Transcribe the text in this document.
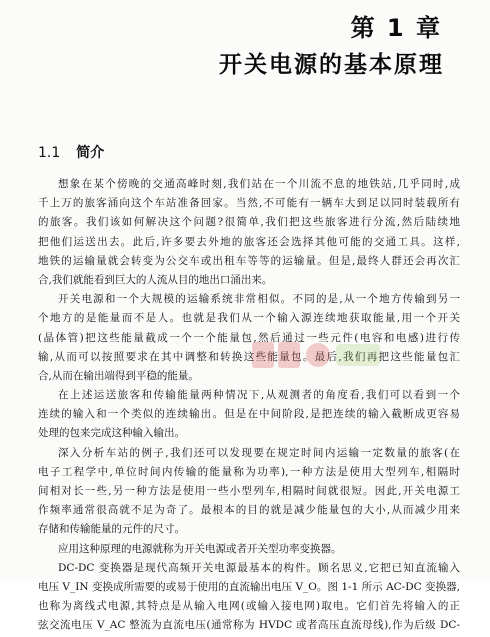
第 1 章
开关电源的基本原理
1.1 简介
想象在某个傍晚的交通高峰时刻,我们站在一个川流不息的地铁站,几乎同时,成
千上万的旅客涌向这个车站准备回家。当然,不可能有一辆车大到足以同时装载所有
的旅客。我们该如何解决这个问题?很简单,我们把这些旅客进行分流,然后陆续地
把他们运送出去。此后,许多要去外地的旅客还会选择其他可能的交通工具。这样,
地铁的运输量就会转变为公交车或出租车等等的运输量。但是,最终人群还会再次汇
合,我们就能看到巨大的人流从目的地出口涌出来。
开关电源和一个大规模的运输系统非常相似。不同的是,从一个地方传输到另一
个地方的是能量而不是人。也就是我们从一个输入源连续地获取能量,用一个开关
(晶体管)把这些能量截成一个一个能量包,然后通过一些元件(电容和电感)进行传
输,从而可以按照要求在其中调整和转换这些能量包。最后,我们再把这些能量包汇
合,从而在输出端得到平稳的能量。
在上述运送旅客和传输能量两种情况下,从观测者的角度看,我们可以看到一个
连续的输入和一个类似的连续输出。但是在中间阶段,是把连续的输入截断成更容易
处理的包来完成这种输入输出。
深入分析车站的例子,我们还可以发现要在规定时间内运输一定数量的旅客(在
电子工程学中,单位时间内传输的能量称为功率),一种方法是使用大型列车,相隔时
间相对长一些,另一种方法是使用一些小型列车,相隔时间就很短。因此,开关电源工
作频率通常很高就不足为奇了。最根本的目的就是减少能量包的大小,从而减少用来
存储和传输能量的元件的尺寸。
应用这种原理的电源就称为开关电源或者开关型功率变换器。
DC-DC 变换器是现代高频开关电源最基本的构件。顾名思义,它把已知直流输入
电压 V_IN 变换成所需要的或易于使用的直流输出电压 V_O。图 1-1 所示 AC-DC 变换器,
也称为离线式电源,其特点是从输入电网(或输入接电网)取电。它们首先将输入的正
弦交流电压 V_AC 整流为直流电压(通常称为 HVDC 或者高压直流母线),作为后级 DC-
